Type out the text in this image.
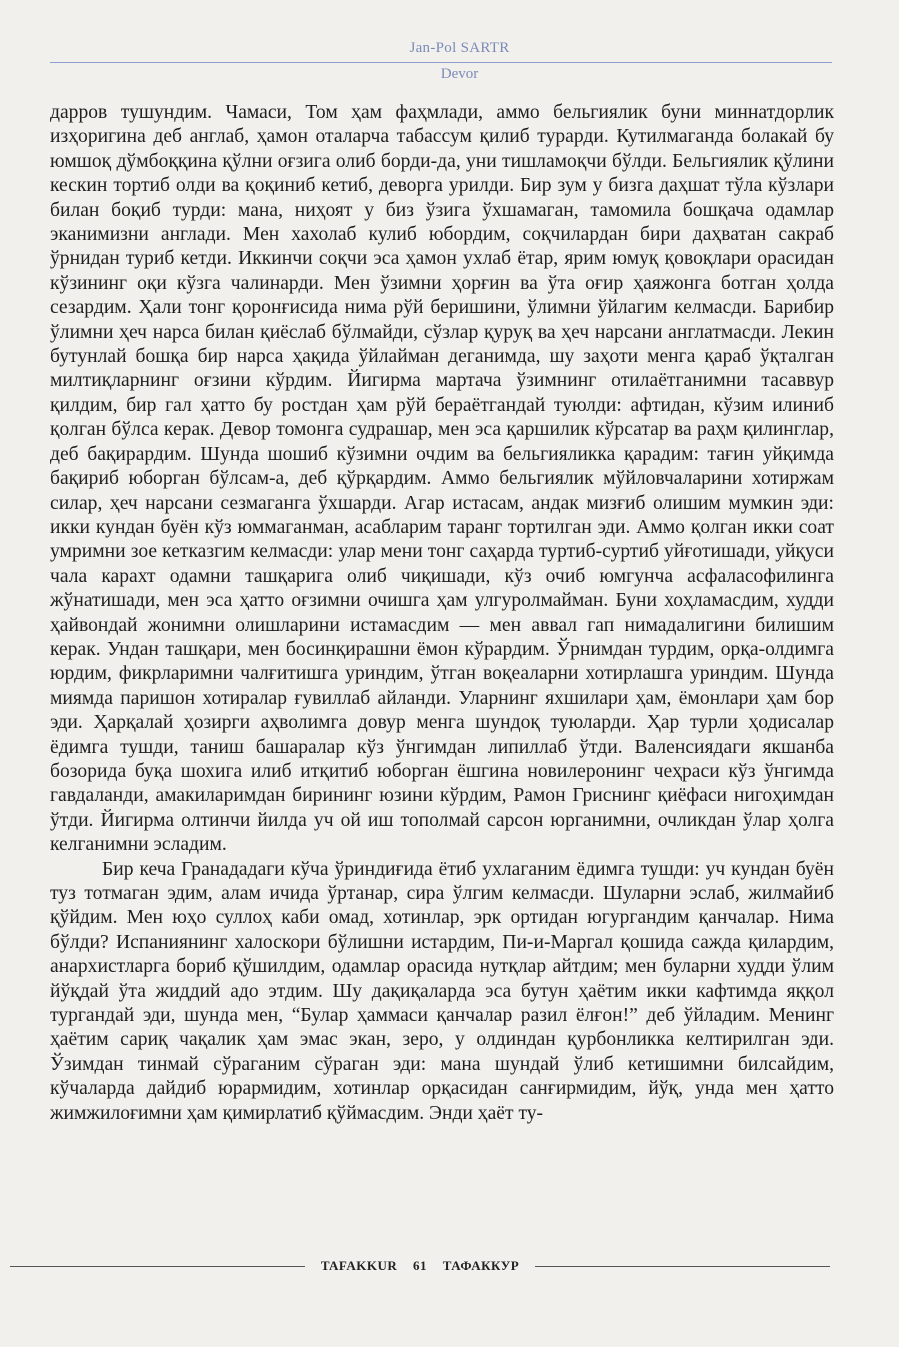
Jan-Pol SARTR
Devor

дарров тушундим. Чамаси, Том ҳам фаҳмлади, аммо бельгиялик буни миннатдорлик изҳоригина деб англаб, ҳамон оталарча табассум қилиб турарди. Кутилмаганда болакай бу юмшоқ дўмбоққина қўлни оғзига олиб борди-да, уни тишламоқчи бўлди. Бельгиялик қўлини кескин тортиб олди ва қоқиниб кетиб, деворга урилди. Бир зум у бизга даҳшат тўла кўзлари билан боқиб турди: мана, ниҳоят у биз ўзига ўхшамаган, тамомила бошқача одамлар эканимизни англади. Мен хахолаб кулиб юбордим, соқчилардан бири даҳватан сакраб ўрнидан туриб кетди. Иккинчи соқчи эса ҳамон ухлаб ётар, ярим юмуқ қовоқлари орасидан кўзининг оқи кўзга чалинарди. Мен ўзимни ҳорғин ва ўта оғир ҳаяжонга ботган ҳолда сезардим. Ҳали тонг қоронғисида нима рўй беришини, ўлимни ўйлагим келмасди. Барибир ўлимни ҳеч нарса билан қиёслаб бўлмайди, сўзлар қуруқ ва ҳеч нарсани англатмасди. Лекин бутунлай бошқа бир нарса ҳақида ўйлайман деганимда, шу заҳоти менга қараб ўқталган милтиқларнинг оғзини кўрдим. Йигирма мартача ўзимнинг отилаётганимни тасаввур қилдим, бир гал ҳатто бу ростдан ҳам рўй бераётгандай туюлди: афтидан, кўзим илиниб қолган бўлса керак. Девор томонга судрашар, мен эса қаршилик кўрсатар ва раҳм қилинглар, деб бақирардим. Шунда шошиб кўзимни очдим ва бельгияликка қарадим: тағин уйқимда бақириб юборган бўлсам-а, деб қўрқардим. Аммо бельгиялик мўйловчаларини хотиржам силар, ҳеч нарсани сезмаганга ўхшарди. Агар истасам, андак мизғиб олишим мумкин эди: икки кундан буён кўз юммаганман, асабларим таранг тортилган эди. Аммо қолган икки соат умримни зое кетказгим келмасди: улар мени тонг саҳарда туртиб-суртиб уйғотишади, уйқуси чала карахт одамни ташқарига олиб чиқишади, кўз очиб юмгунча асфаласофилинга жўнатишади, мен эса ҳатто оғзимни очишга ҳам улгуролмайман. Буни хоҳламасдим, худди ҳайвондай жонимни олишларини истамасдим — мен аввал гап нимадалигини билишим керак. Ундан ташқари, мен босинқирашни ёмон кўрардим. Ўрнимдан турдим, орқа-олдимга юрдим, фикрларимни чалғитишга уриндим, ўтган воқеаларни хотирлашга уриндим. Шунда миямда паришон хотиралар ғувиллаб айланди. Уларнинг яхшилари ҳам, ёмонлари ҳам бор эди. Ҳарқалай ҳозирги аҳволимга довур менга шундоқ туюларди. Ҳар турли ҳодисалар ёдимга тушди, таниш башаралар кўз ўнгимдан липиллаб ўтди. Валенсиядаги якшанба бозорида буқа шохига илиб итқитиб юборган ёшгина новилеронинг чеҳраси кўз ўнгимда гавдаланди, амакиларимдан бирининг юзини кўрдим, Рамон Гриснинг қиёфаси нигоҳимдан ўтди. Йигирма олтинчи йилда уч ой иш тополмай сарсон юрганимни, очликдан ўлар ҳолга келганимни эсладим.

Бир кеча Гранададаги кўча ўриндиғида ётиб ухлаганим ёдимга тушди: уч кундан буён туз тотмаган эдим, алам ичида ўртанар, сира ўлгим келмасди. Шуларни эслаб, жилмайиб қўйдим. Мен юҳо суллоҳ каби омад, хотинлар, эрк ортидан югургандим қанчалар. Нима бўлди? Испаниянинг халоскори бўлишни истардим, Пи-и-Маргал қошида сажда қилардим, анархистларга бориб қўшилдим, одамлар орасида нутқлар айтдим; мен буларни худди ўлим йўқдай ўта жиддий адо этдим. Шу дақиқаларда эса бутун ҳаётим икки кафтимда яққол тургандай эди, шунда мен, “Булар ҳаммаси қанчалар разил ёлғон!” деб ўйладим. Менинг ҳаётим сариқ чақалик ҳам эмас экан, зеро, у олдиндан қурбонликка келтирилган эди. Ўзимдан тинмай сўраганим сўраган эди: мана шундай ўлиб кетишимни билсайдим, кўчаларда дайдиб юрармидим, хотинлар орқасидан санғирмидим, йўқ, унда мен ҳатто жимжилоғимни ҳам қимирлатиб қўймасдим. Энди ҳаёт ту-

TAFAKKUR 61 ТАФАККУР
